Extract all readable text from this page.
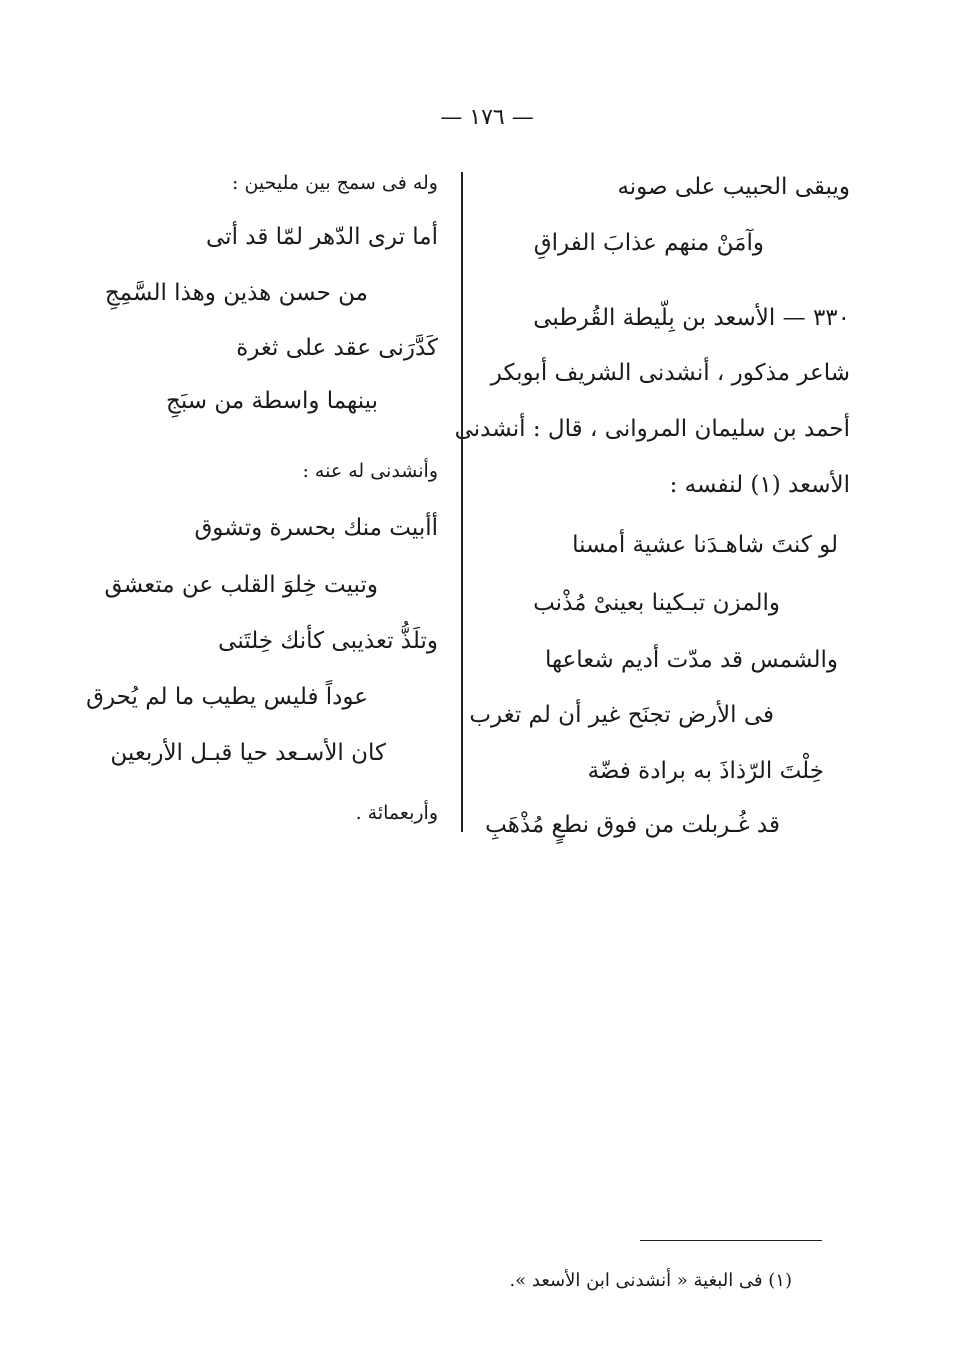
— ١٧٦ —
ويبقى الحبيب على صونه
وآمَنْ منهم عذابَ الفراقِ
٣٣٠ — الأسعد بن بِلّيطة القُرطبى
شاعر مذكور ، أنشدنى الشريف أبوبكر
أحمد بن سليمان المروانى ، قال : أنشدنى
الأسعد (١) لنفسه :
لو كنتَ شاهـدَنا عشية أمسنا
والمزن تبـكينا بعينىْ مُذْنب
والشمس قد مدّت أديم شعاعها
فى الأرض تجنَح غير أن لم تغرب
خِلْتَ الرّذاذَ به برادة فضّة
قد غُـربلت من فوق نطعٍ مُذْهَبِ
وله فى سمج بين مليحين :
أما ترى الدّهر لمّا قد أتى
من حسن هذين وهذا السَّمِجِ
كَدَّرَنى عقد على ثغرة
بينهما واسطة من سبَجِ
وأنشدنى له عنه :
أأبيت منك بحسرة وتشوق
وتبيت خِلوَ القلب عن متعشق
وتلَذُّ تعذيبى كأنك خِلتَنى
عوداً فليس يطيب ما لم يُحرق
كان الأسـعد حيا قبـل الأربعين
وأربعمائة .
(١) فى البغية « أنشدنى ابن الأسعد ».
